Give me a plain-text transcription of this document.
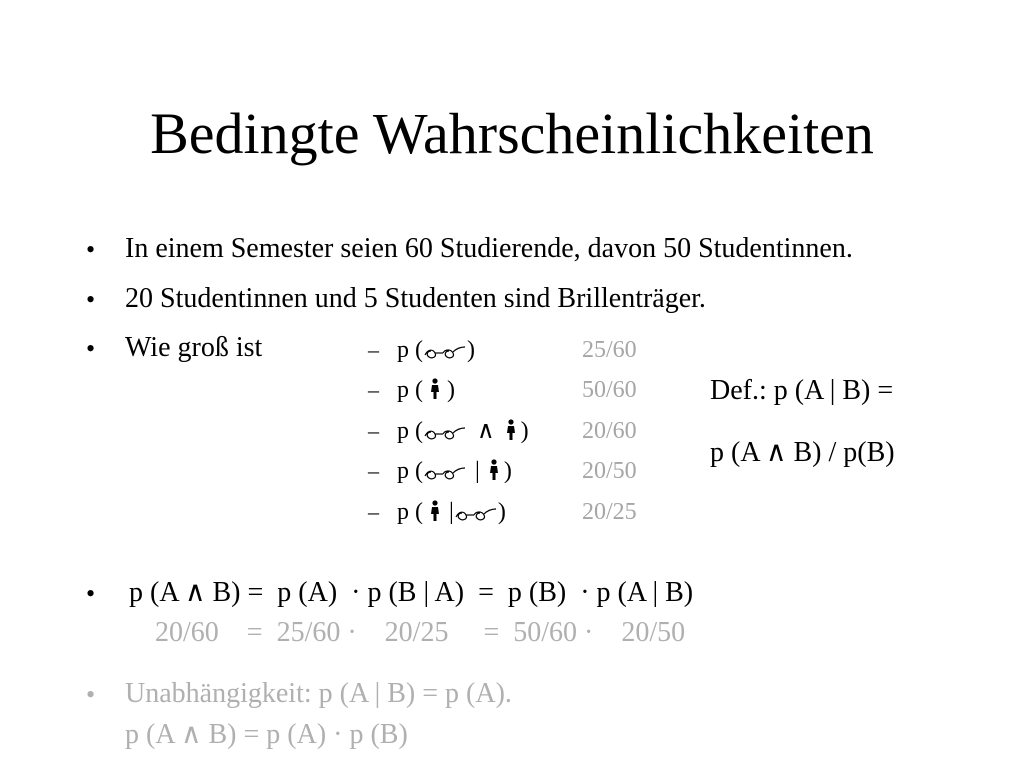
Bedingte Wahrscheinlichkeiten
• In einem Semester seien 60 Studierende, davon 50 Studentinnen.
• 20 Studentinnen und 5 Studenten sind Brillenträger.
• Wie groß ist	– p ( )	25/60
– p ( )	50/60
– p ( ∧ ) 20/60
– p ( | )	20/50
– p ( | )	20/25
Def.: p (A | B) =
p (A ∧ B) / p(B)
• p (A ∧ B) =  p (A)  · p (B | A)  =  p (B)  · p (A | B)
20/60    =  25/60 ·    20/25     =  50/60 ·    20/50
• Unabhängigkeit: p (A | B) = p (A).
p (A ∧ B) = p (A) · p (B)
